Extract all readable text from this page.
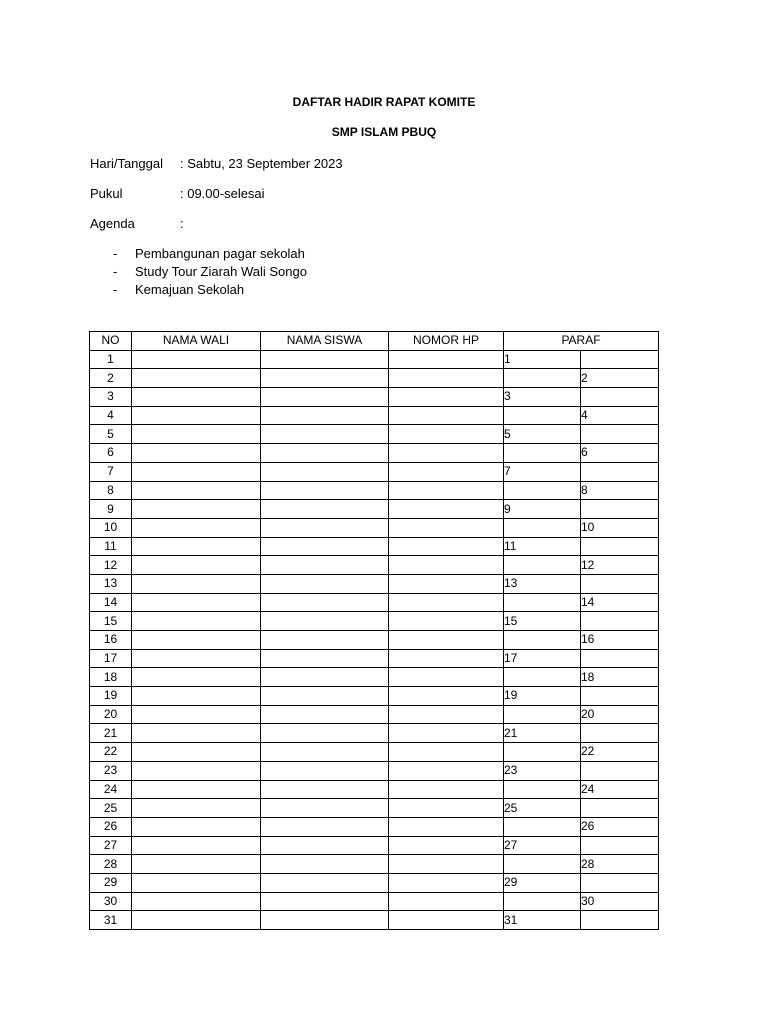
DAFTAR HADIR RAPAT KOMITE
SMP ISLAM PBUQ
Hari/Tanggal : Sabtu, 23 September 2023
Pukul	: 09.00-selesai
Agenda	:
- Pembangunan pagar sekolah
- Study Tour Ziarah Wali Songo
- Kemajuan Sekolah
NO	NAMA WALI	NAMA SISWA	NOMOR HP	PARAF	
1				1	
2					2
3				3	
4					4
5				5	
6					6
7				7	
8					8
9				9	
10					10
11				11	
12					12
13				13	
14					14
15				15	
16					16
17				17	
18					18
19				19	
20					20
21				21	
22					22
23				23	
24					24
25				25	
26					26
27				27	
28					28
29				29	
30					30
31				31	
